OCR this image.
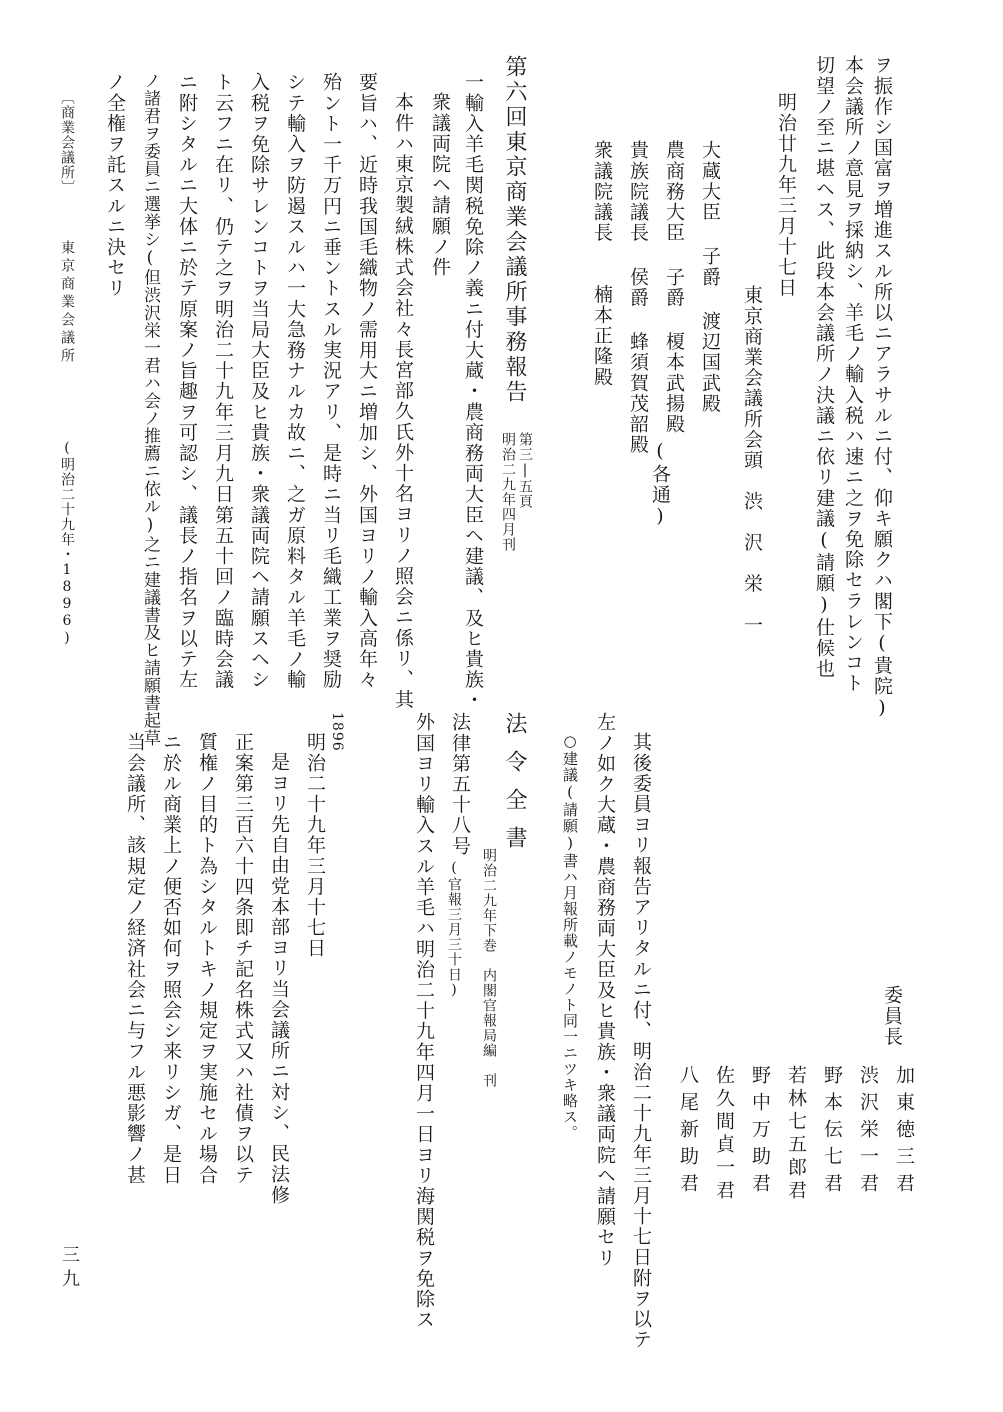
ヲ振作シ国富ヲ増進スル所以ニアラサルニ付、仰キ願クハ閣下(貴院)
本会議所ノ意見ヲ採納シ、羊毛ノ輸入税ハ速ニ之ヲ免除セラレンコト
切望ノ至ニ堪ヘス、此段本会議所ノ決議ニ依リ建議(請願)仕候也
明治廿九年三月十七日
東京商業会議所会頭　渋　沢　栄　一
大蔵大臣 子爵 渡辺国武殿
農商務大臣 子爵 榎本武揚殿
貴族院議長 侯爵 蜂須賀茂韶殿
衆議院議長　　楠本正隆殿
(各通)
第六回東京商業会議所事務報告
第三|五頁
明治二九年四月刊
一輸入羊毛関税免除ノ義ニ付大蔵・農商務両大臣ヘ建議、及ヒ貴族・
衆議両院ヘ請願ノ件
本件ハ東京製絨株式会社々長宮部久氏外十名ヨリノ照会ニ係リ、其
要旨ハ、近時我国毛織物ノ需用大ニ増加シ、外国ヨリノ輸入高年々
殆ント一千万円ニ垂ントスル実況アリ、是時ニ当リ毛織工業ヲ奨励
シテ輸入ヲ防遏スルハ一大急務ナルカ故ニ、之ガ原料タル羊毛ノ輸
入税ヲ免除サレンコトヲ当局大臣及ヒ貴族・衆議両院ヘ請願スヘシ
ト云フニ在リ、仍テ之ヲ明治二十九年三月九日第五十回ノ臨時会議
ニ附シタルニ大体ニ於テ原案ノ旨趣ヲ可認シ、議長ノ指名ヲ以テ左
ノ諸君ヲ委員ニ選挙シ(但渋沢栄一君ハ会ノ推薦ニ依ル)之ニ建議書及ヒ請願書起草
ノ全権ヲ託スルニ決セリ
〔商業会議所〕
東京商業会議所
(明治二十九年・1896)
委員長
加東徳三君
渋沢栄一君
野本伝七君
若林七五郎君
野中万助君
佐久間貞一君
八尾新助君
其後委員ヨリ報告アリタルニ付、明治二十九年三月十七日附ヲ以テ
左ノ如ク大蔵・農商務両大臣及ヒ貴族・衆議両院ヘ請願セリ
○建議(請願)書ハ月報所載ノモノト同一ニツキ略ス。
法令全書
明治二九年下巻　内閣官報局編　刊
法律第五十八号
(官報三月三十日)
外国ヨリ輸入スル羊毛ハ明治二十九年四月一日ヨリ海関税ヲ免除ス
1896
明治二十九年三月十七日
是ヨリ先自由党本部ヨリ当会議所ニ対シ、民法修
正案第三百六十四条即チ記名株式又ハ社債ヲ以テ
質権ノ目的ト為シタルトキノ規定ヲ実施セル場合
ニ於ル商業上ノ便否如何ヲ照会シ来リシガ、是日
当会議所、該規定ノ経済社会ニ与フル悪影響ノ甚
三九
